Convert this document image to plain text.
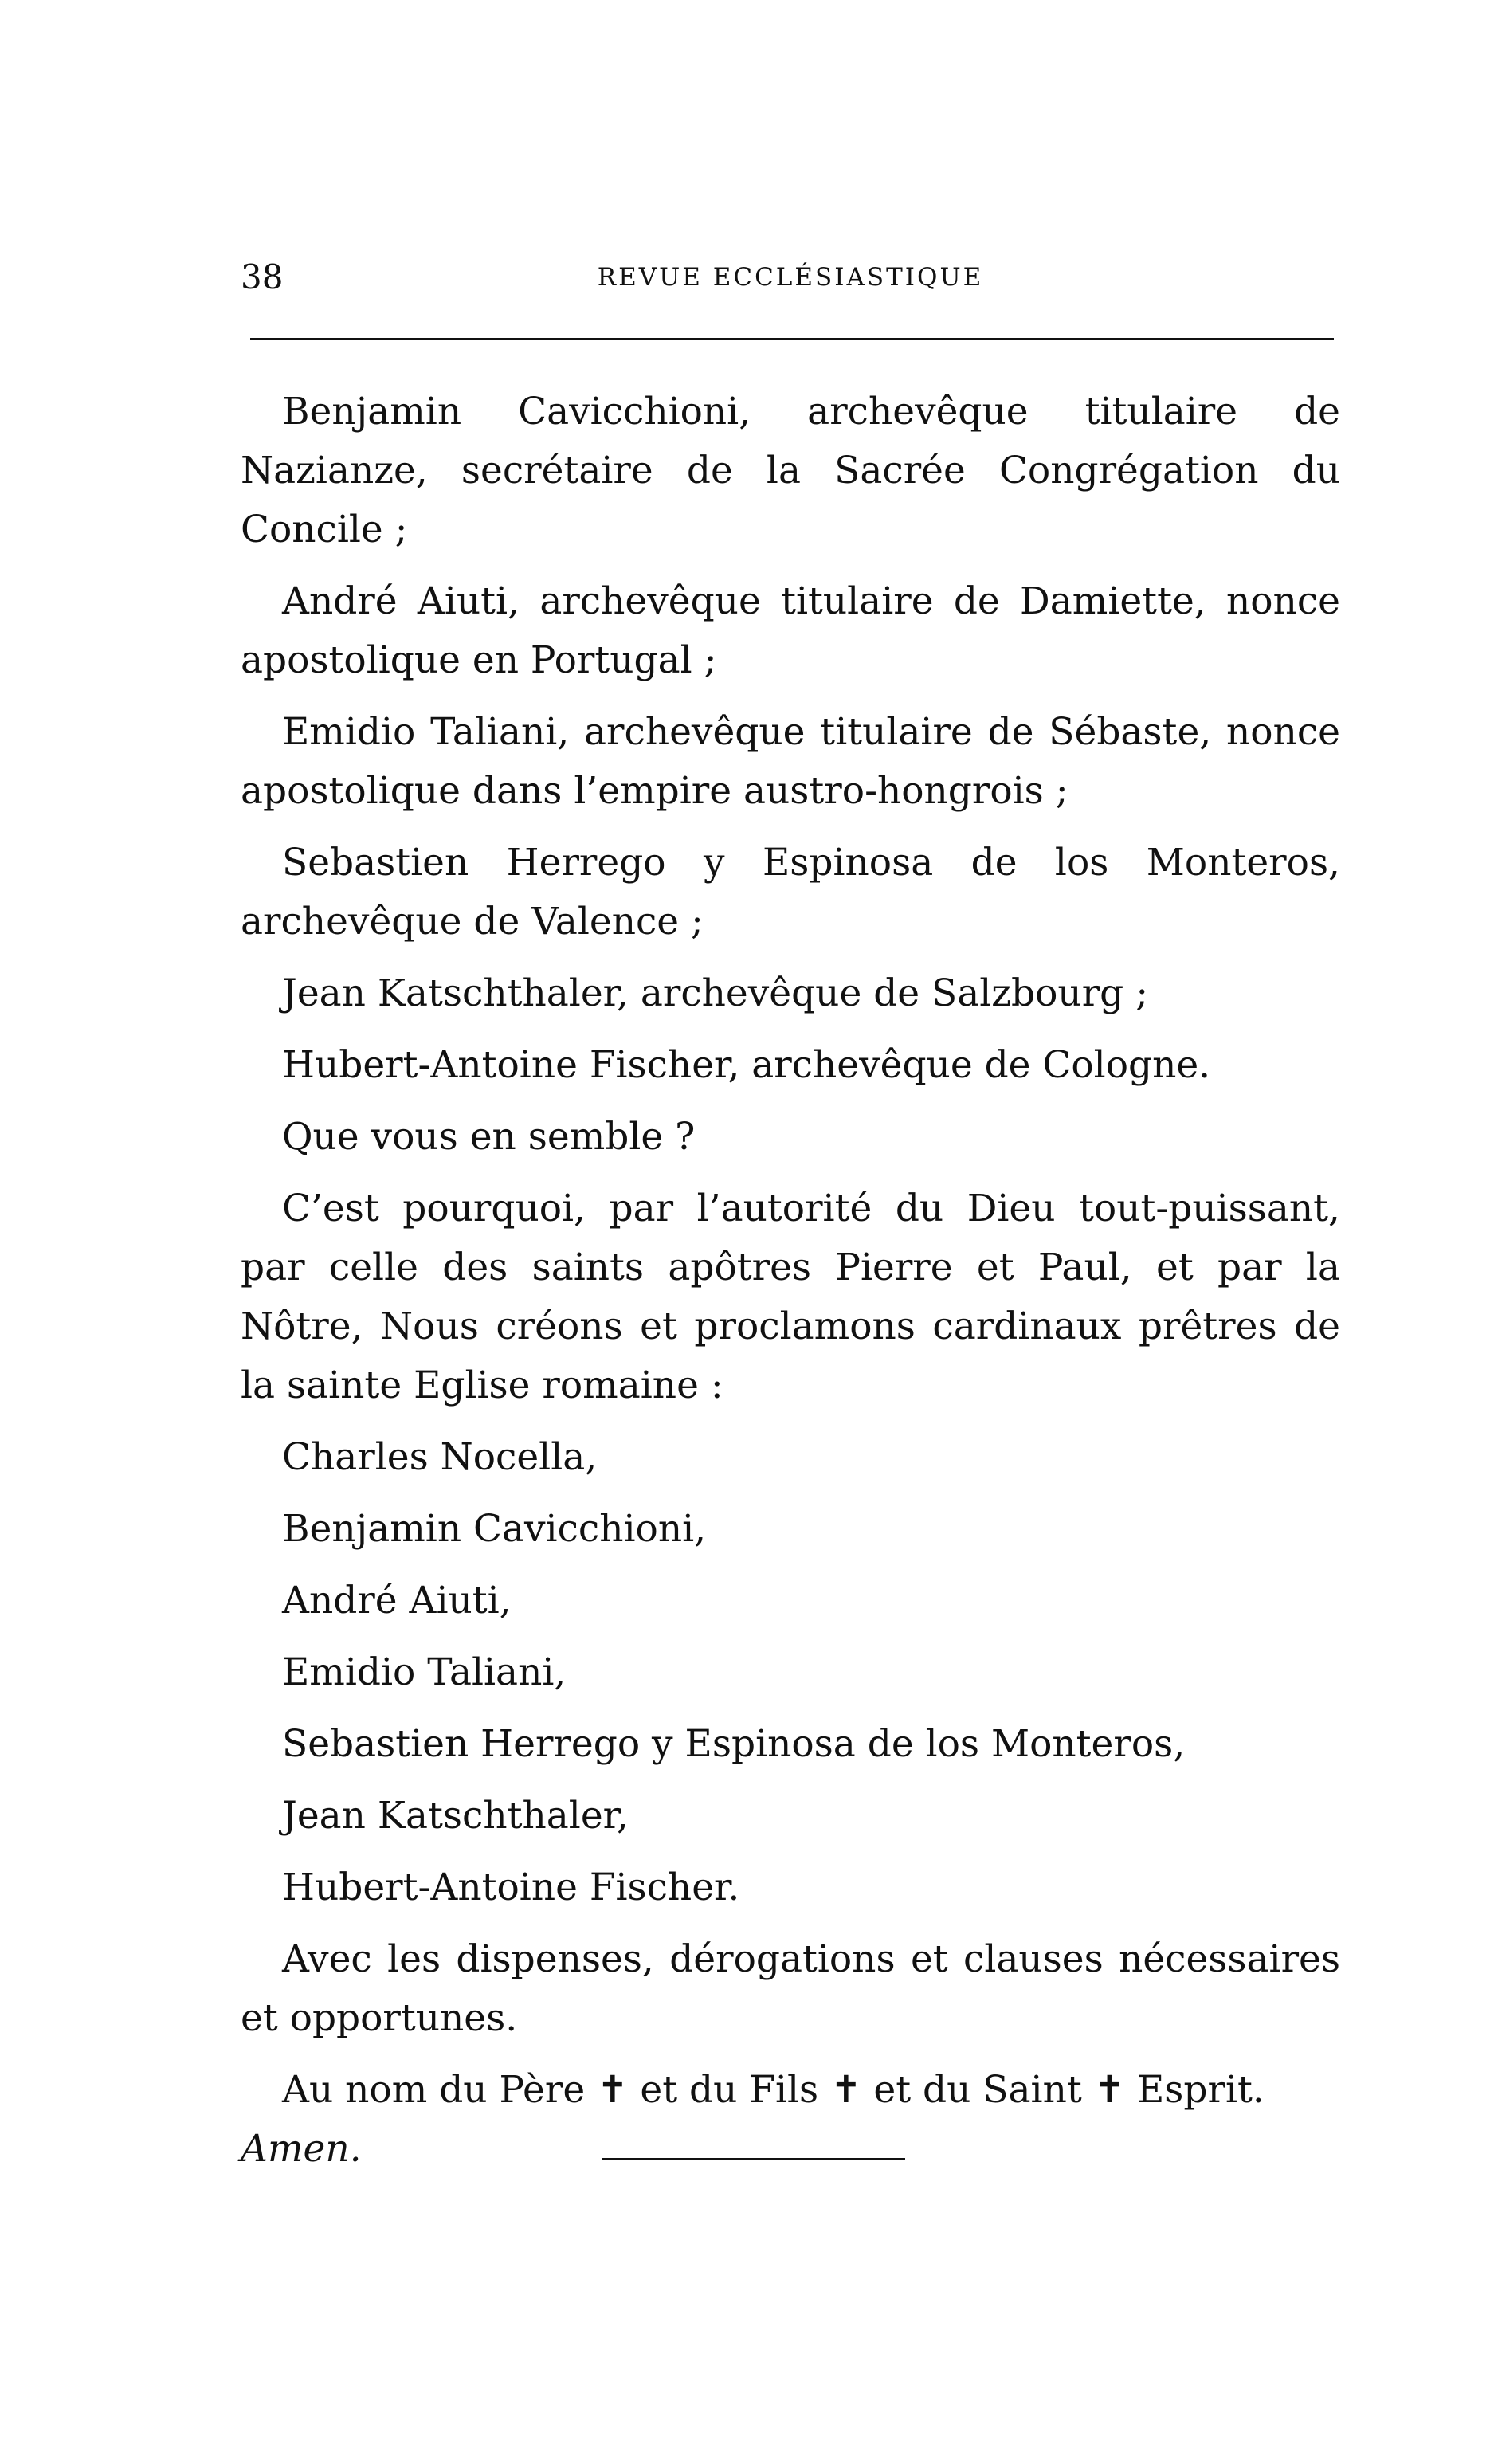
38	REVUE ECCLÉSIASTIQUE

Benjamin Cavicchioni, archevêque titulaire de Nazianze, secrétaire de la Sacrée Congrégation du Concile ;

André Aiuti, archevêque titulaire de Damiette, nonce apostolique en Portugal ;

Emidio Taliani, archevêque titulaire de Sébaste, nonce apostolique dans l’empire austro-hongrois ;

Sebastien Herrego y Espinosa de los Monteros, archevêque de Valence ;

Jean Katschthaler, archevêque de Salzbourg ;

Hubert-Antoine Fischer, archevêque de Cologne.

Que vous en semble ?

C’est pourquoi, par l’autorité du Dieu tout-puissant, par celle des saints apôtres Pierre et Paul, et par la Nôtre, Nous créons et proclamons cardinaux prêtres de la sainte Eglise romaine :

Charles Nocella,

Benjamin Cavicchioni,

André Aiuti,

Emidio Taliani,

Sebastien Herrego y Espinosa de los Monteros,

Jean Katschthaler,

Hubert-Antoine Fischer.

Avec les dispenses, dérogations et clauses nécessaires et opportunes.

Au nom du Père ✝ et du Fils ✝ et du Saint ✝ Esprit.

Amen.
